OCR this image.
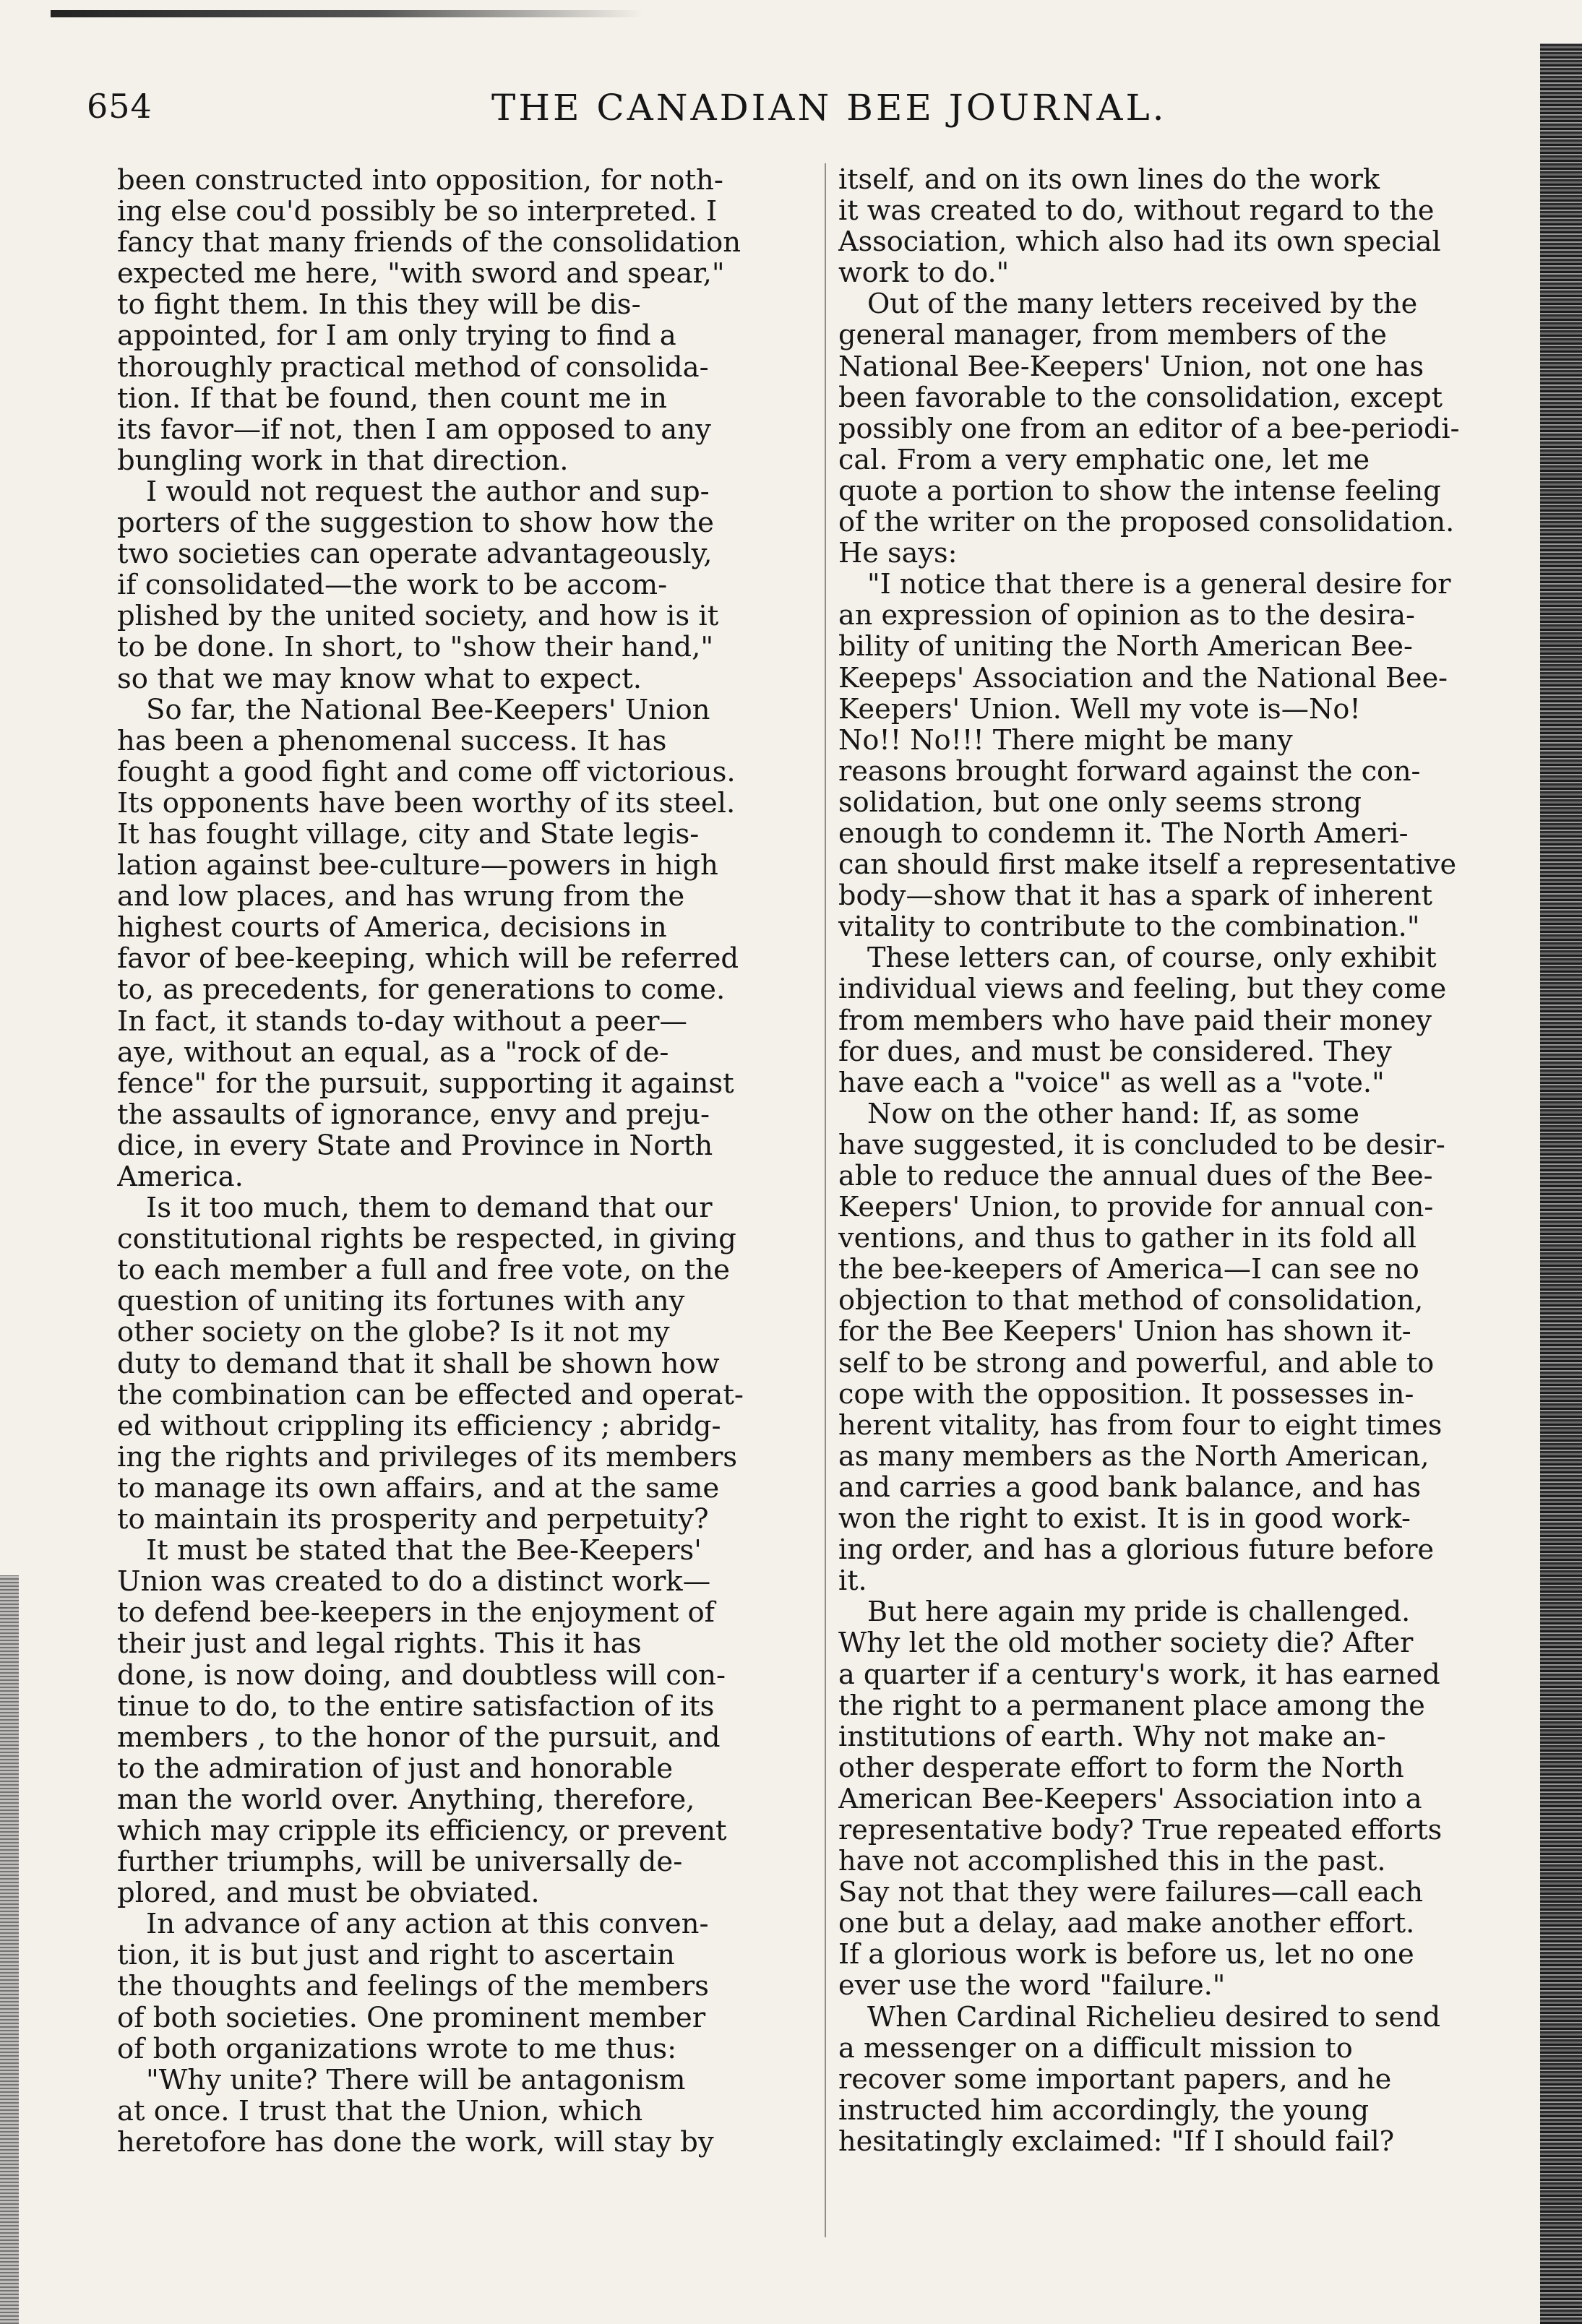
654	THE CANADIAN BEE JOURNAL.
been constructed into opposition, for noth-
ing else cou'd possibly be so interpreted. I
fancy that many friends of the consolidation
expected me here, "with sword and spear,"
to fight them. In this they will be dis-
appointed, for I am only trying to find a
thoroughly practical method of consolida-
tion. If that be found, then count me in
its favor—if not, then I am opposed to any
bungling work in that direction.
I would not request the author and sup-
porters of the suggestion to show how the
two societies can operate advantageously,
if consolidated—the work to be accom-
plished by the united society, and how is it
to be done. In short, to "show their hand,"
so that we may know what to expect.
So far, the National Bee-Keepers' Union
has been a phenomenal success. It has
fought a good fight and come off victorious.
Its opponents have been worthy of its steel.
It has fought village, city and State legis-
lation against bee-culture—powers in high
and low places, and has wrung from the
highest courts of America, decisions in
favor of bee-keeping, which will be referred
to, as precedents, for generations to come.
In fact, it stands to-day without a peer—
aye, without an equal, as a "rock of de-
fence" for the pursuit, supporting it against
the assaults of ignorance, envy and preju-
dice, in every State and Province in North
America.
Is it too much, them to demand that our
constitutional rights be respected, in giving
to each member a full and free vote, on the
question of uniting its fortunes with any
other society on the globe? Is it not my
duty to demand that it shall be shown how
the combination can be effected and operat-
ed without crippling its efficiency ; abridg-
ing the rights and privileges of its members
to manage its own affairs, and at the same
to maintain its prosperity and perpetuity?
It must be stated that the Bee-Keepers'
Union was created to do a distinct work—
to defend bee-keepers in the enjoyment of
their just and legal rights. This it has
done, is now doing, and doubtless will con-
tinue to do, to the entire satisfaction of its
members , to the honor of the pursuit, and
to the admiration of just and honorable
man the world over. Anything, therefore,
which may cripple its efficiency, or prevent
further triumphs, will be universally de-
plored, and must be obviated.
In advance of any action at this conven-
tion, it is but just and right to ascertain
the thoughts and feelings of the members
of both societies. One prominent member
of both organizations wrote to me thus:
"Why unite? There will be antagonism
at once. I trust that the Union, which
heretofore has done the work, will stay by
itself, and on its own lines do the work
it was created to do, without regard to the
Association, which also had its own special
work to do."
Out of the many letters received by the
general manager, from members of the
National Bee-Keepers' Union, not one has
been favorable to the consolidation, except
possibly one from an editor of a bee-periodi-
cal. From a very emphatic one, let me
quote a portion to show the intense feeling
of the writer on the proposed consolidation.
He says:
"I notice that there is a general desire for
an expression of opinion as to the desira-
bility of uniting the North American Bee-
Keepeps' Association and the National Bee-
Keepers' Union. Well my vote is—No!
No!! No!!! There might be many
reasons brought forward against the con-
solidation, but one only seems strong
enough to condemn it. The North Ameri-
can should first make itself a representative
body—show that it has a spark of inherent
vitality to contribute to the combination."
These letters can, of course, only exhibit
individual views and feeling, but they come
from members who have paid their money
for dues, and must be considered. They
have each a "voice" as well as a "vote."
Now on the other hand: If, as some
have suggested, it is concluded to be desir-
able to reduce the annual dues of the Bee-
Keepers' Union, to provide for annual con-
ventions, and thus to gather in its fold all
the bee-keepers of America—I can see no
objection to that method of consolidation,
for the Bee Keepers' Union has shown it-
self to be strong and powerful, and able to
cope with the opposition. It possesses in-
herent vitality, has from four to eight times
as many members as the North American,
and carries a good bank balance, and has
won the right to exist. It is in good work-
ing order, and has a glorious future before
it.
But here again my pride is challenged.
Why let the old mother society die? After
a quarter if a century's work, it has earned
the right to a permanent place among the
institutions of earth. Why not make an-
other desperate effort to form the North
American Bee-Keepers' Association into a
representative body? True repeated efforts
have not accomplished this in the past.
Say not that they were failures—call each
one but a delay, aad make another effort.
If a glorious work is before us, let no one
ever use the word "failure."
When Cardinal Richelieu desired to send
a messenger on a difficult mission to
recover some important papers, and he
instructed him accordingly, the young
hesitatingly exclaimed: "If I should fail?
